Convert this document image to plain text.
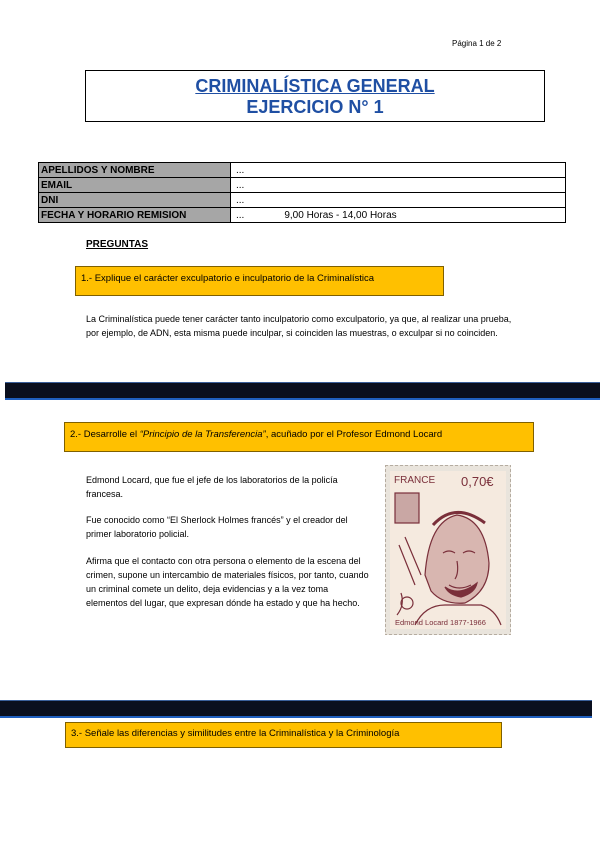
Página 1 de 2
CRIMINALÍSTICA GENERAL
EJERCICIO N° 1
APELLIDOS Y NOMBRE	...
EMAIL	...
DNI	...
FECHA Y HORARIO REMISION	... 9,00 Horas - 14,00 Horas
PREGUNTAS
1.- Explique el carácter exculpatorio e inculpatorio de la Criminalística
La Criminalística puede tener carácter tanto inculpatorio como exculpatorio, ya que, al realizar una prueba, por ejemplo, de ADN, esta misma puede inculpar, si coinciden las muestras, o exculpar si no coinciden.
2.- Desarrolle el “Principio de la Transferencia”, acuñado por el Profesor Edmond Locard
Edmond Locard, que fue el jefe de los laboratorios de la policía francesa.
Fue conocido como “El Sherlock Holmes francés” y el creador del primer laboratorio policial.
Afirma que el contacto con otra persona o elemento de la escena del crimen, supone un intercambio de materiales físicos, por tanto, cuando un criminal comete un delito, deja evidencias y a la vez toma elementos del lugar, que expresan dónde ha estado y que ha hecho.
FRANCE 0,70€
Edmond Locard 1877-1966
3.- Señale las diferencias y similitudes entre la Criminalística y la Criminología
